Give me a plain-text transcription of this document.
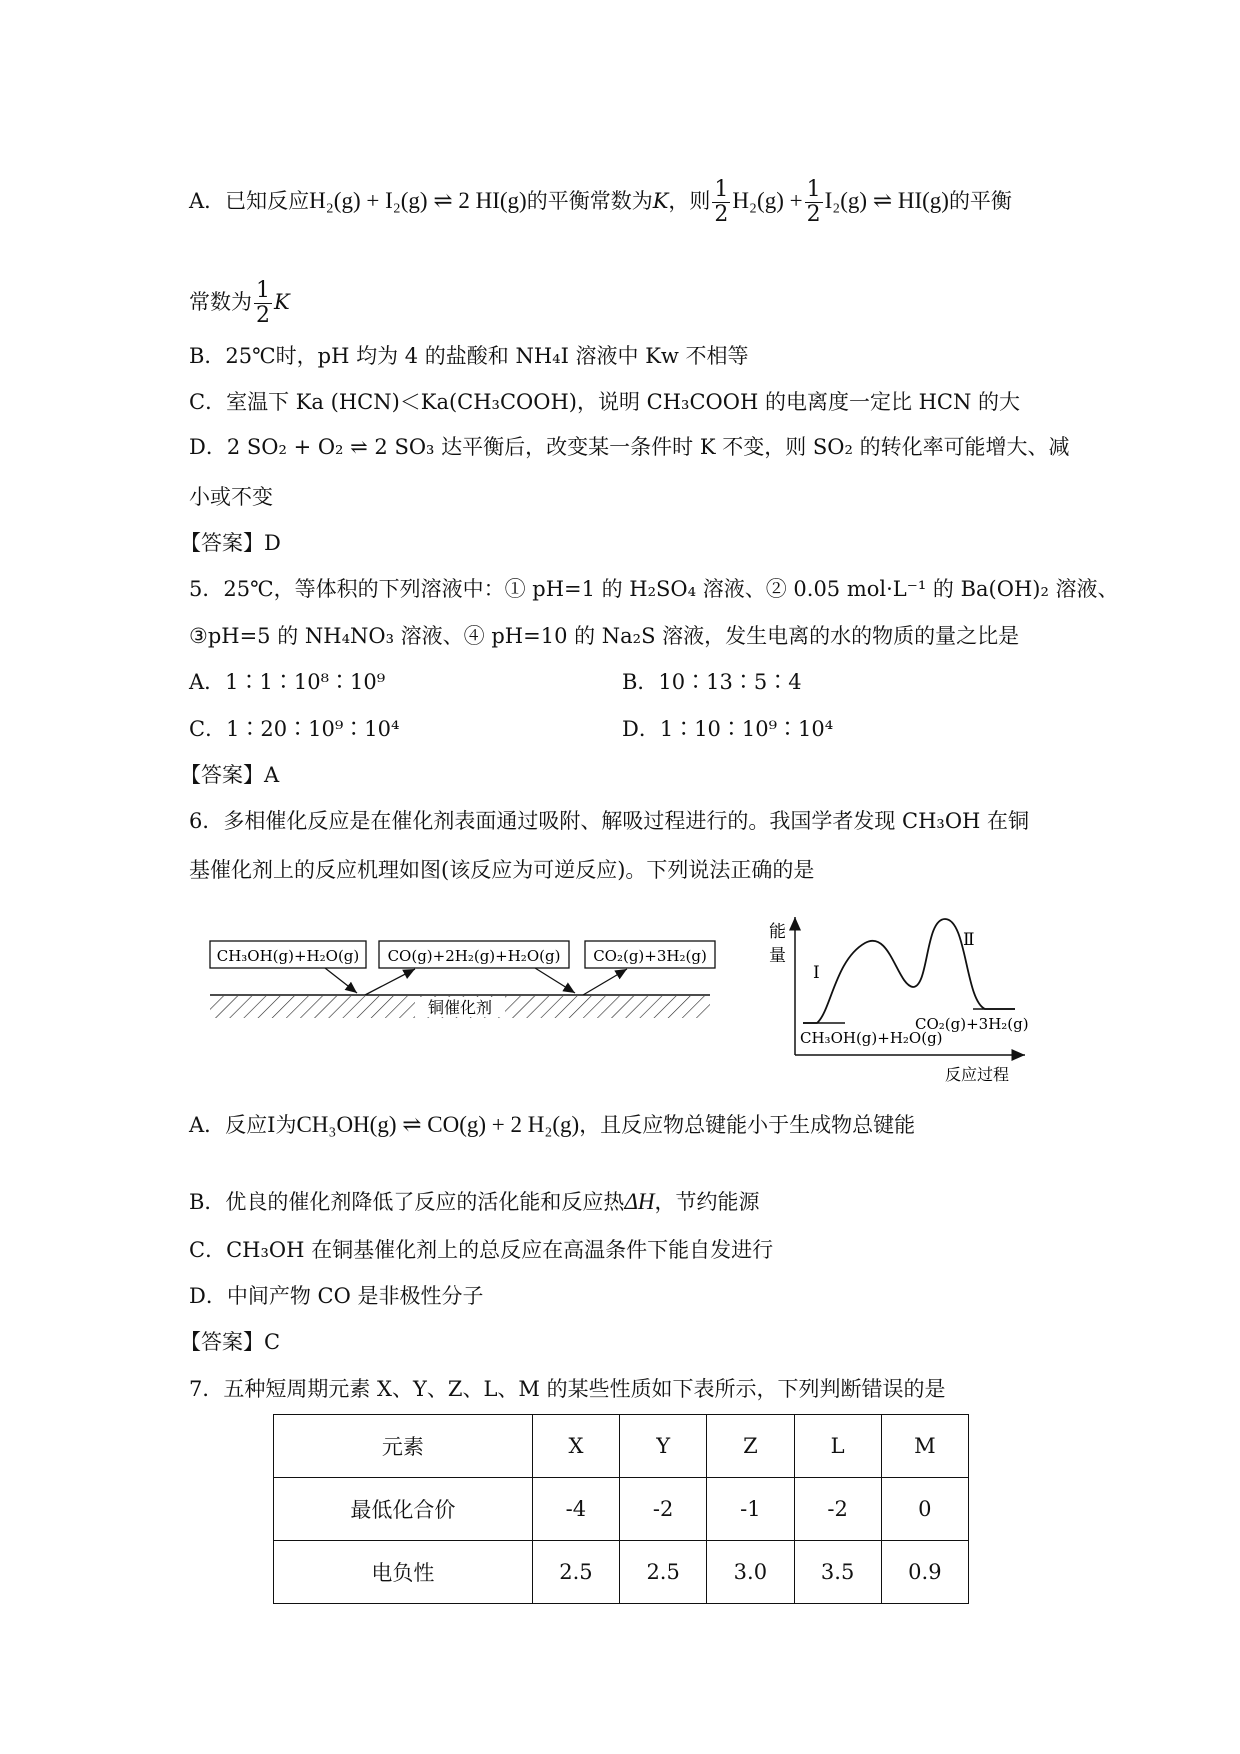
A．已知反应H₂(g) + I₂(g) ⇌ 2 HI(g)的平衡常数为K，则 $\frac{1}{2} H_2(g) + \frac{1}{2} I_2(g)$ ⇌ HI(g)的平衡
常数为 $\frac{1}{2}$ K
B．25℃时，pH 均为 4 的盐酸和 NH₄I 溶液中 Kw 不相等
C．室温下 Ka (HCN)＜Ka(CH₃COOH)，说明 CH₃COOH 的电离度一定比 HCN 的大
D．2 SO₂ + O₂ ⇌ 2 SO₃ 达平衡后，改变某一条件时 K 不变，则 SO₂ 的转化率可能增大、减
小或不变
【答案】D
5．25℃，等体积的下列溶液中：① pH=1 的 H₂SO₄ 溶液、② 0.05 mol·L⁻¹ 的 Ba(OH)₂ 溶液、
③pH=5 的 NH₄NO₃ 溶液、④ pH=10 的 Na₂S 溶液，发生电离的水的物质的量之比是
A．1∶1∶10⁸∶10⁹	B．10∶13∶5∶4
C．1∶20∶10⁹∶10⁴	D．1∶10∶10⁹∶10⁴
【答案】A
6．多相催化反应是在催化剂表面通过吸附、解吸过程进行的。我国学者发现 CH₃OH 在铜
基催化剂上的反应机理如图(该反应为可逆反应)。下列说法正确的是
CH₃OH(g)+H₂O(g) CO(g)+2H₂(g)+H₂O(g) CO₂(g)+3H₂(g)
铜催化剂
能
量
反应过程
Ⅰ
Ⅱ
CH₃OH(g)+H₂O(g)
CO₂(g)+3H₂(g)
A．反应Ⅰ为CH₃OH(g) ⇌ CO(g) + 2 H₂(g)，且反应物总键能小于生成物总键能
B．优良的催化剂降低了反应的活化能和反应热ΔH，节约能源
C．CH₃OH 在铜基催化剂上的总反应在高温条件下能自发进行
D．中间产物 CO 是非极性分子
【答案】C
7．五种短周期元素 X、Y、Z、L、M 的某些性质如下表所示，下列判断错误的是
元素	X	Y	Z	L	M
最低化合价	-4	-2	-1	-2	0
电负性	2.5	2.5	3.0	3.5	0.9
